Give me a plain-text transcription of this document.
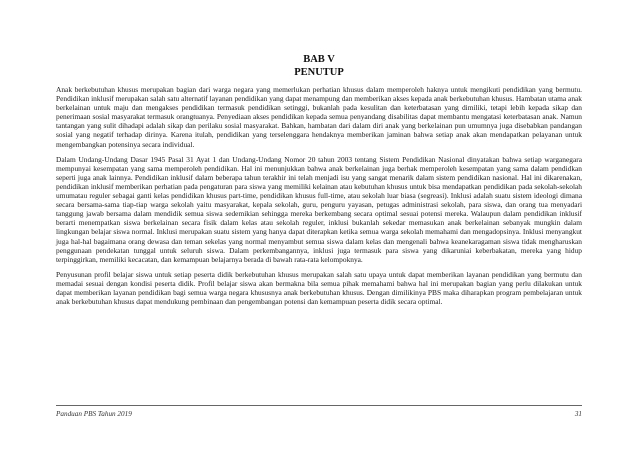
BAB V
PENUTUP

Anak berkebutuhan khusus merupakan bagian dari warga negara yang memerlukan perhatian khusus dalam memperoleh haknya untuk mengikuti pendidikan yang bermutu. Pendidikan inklusif merupakan salah satu alternatif layanan pendidikan yang dapat menampung dan memberikan akses kepada anak berkebutuhan khusus. Hambatan utama anak berkelainan untuk maju dan mengakses pendidikan termasuk pendidikan setinggi, bukanlah pada kesulitan dan keterbatasan yang dimiliki, tetapi lebih kepada sikap dan penerimaan sosial masyarakat termasuk orangtuanya. Penyediaan akses pendidikan kepada semua penyandang disabilitas dapat membantu mengatasi keterbatasan anak. Namun tantangan yang sulit dihadapi adalah sikap dan perilaku sosial masyarakat. Bahkan, hambatan dari dalam diri anak yang berkelainan pun umumnya juga disebabkan pandangan sosial yang negatif terhadap dirinya. Karena itulah, pendidikan yang terselenggara hendaknya memberikan jaminan bahwa setiap anak akan mendapatkan pelayanan untuk mengembangkan potensinya secara individual.

Dalam Undang-Undang Dasar 1945 Pasal 31 Ayat 1 dan Undang-Undang Nomor 20 tahun 2003 tentang Sistem Pendidikan Nasional dinyatakan bahwa setiap warganegara mempunyai kesempatan yang sama memperoleh pendidikan. Hal ini menunjukkan bahwa anak berkelainan juga berhak memperoleh kesempatan yang sama dalam pendidkan seperti juga anak lainnya. Pendidikan inklusif dalam beberapa tahun terakhir ini telah menjadi isu yang sangat menarik dalam sistem pendidikan nasional. Hal ini dikarenakan, pendidikan inklusif memberikan perhatian pada pengaturan para siswa yang memiliki kelainan atau kebutuhan khusus untuk bisa mendapatkan pendidikan pada sekolah-sekolah umumatau reguler sebagai ganti kelas pendidikan khusus part-time, pendidikan khusus full-time, atau sekolah luar biasa (segreasi). Inklusi adalah suatu sistem ideologi dimana secara bersama-sama tiap-tiap warga sekolah yaitu masyarakat, kepala sekolah, guru, penguru yayasan, petugas administrasi sekolah, para siswa, dan orang tua menyadari tanggung jawab bersama dalam mendidik semua siswa sedemikian sehingga mereka berkembang secara optimal sesuai potensi mereka. Walaupun dalam pendidikan inklusif berarti menempatkan siswa berkelainan secara fisik dalam kelas atau sekolah reguler, inklusi bukanlah sekedar memasukan anak berkelainan sebanyak mungkin dalam lingkungan belajar siswa normal. Inklusi merupakan suatu sistem yang hanya dapat diterapkan ketika semua warga sekolah memahami dan mengadopsinya. Inklusi menyangkut juga hal-hal bagaimana orang dewasa dan teman sekelas yang normal menyambut semua siswa dalam kelas dan mengenali bahwa keanekaragaman siswa tidak mengharuskan penggunaan pendekatan tunggal untuk seluruh siswa. Dalam perkembangannya, inklusi juga termasuk para siswa yang dikaruniai keberbakatan, mereka yang hidup terpinggirkan, memiliki kecacatan, dan kemampuan belajarnya berada di bawah rata-rata kelompoknya.

Penyusunan profil belajar siswa untuk setiap peserta didik berkebutuhan khusus merupakan salah satu upaya untuk dapat memberikan layanan pendidikan yang bermutu dan memadai sesuai dengan kondisi peserta didik. Profil belajar siswa akan bermakna bila semua pihak memahami bahwa hal ini merupakan bagian yang perlu dilakukan untuk dapat memberikan layanan pendidikan bagi semua warga negara khususnya anak berkebutuhan khusus. Dengan dimilikinya PBS maka diharapkan program pembelajaran untuk anak berkebutuhan khusus dapat mendukung pembinaan dan pengembangan potensi dan kemampuan peserta didik secara optimal.

Panduan PBS Tahun 2019	31
